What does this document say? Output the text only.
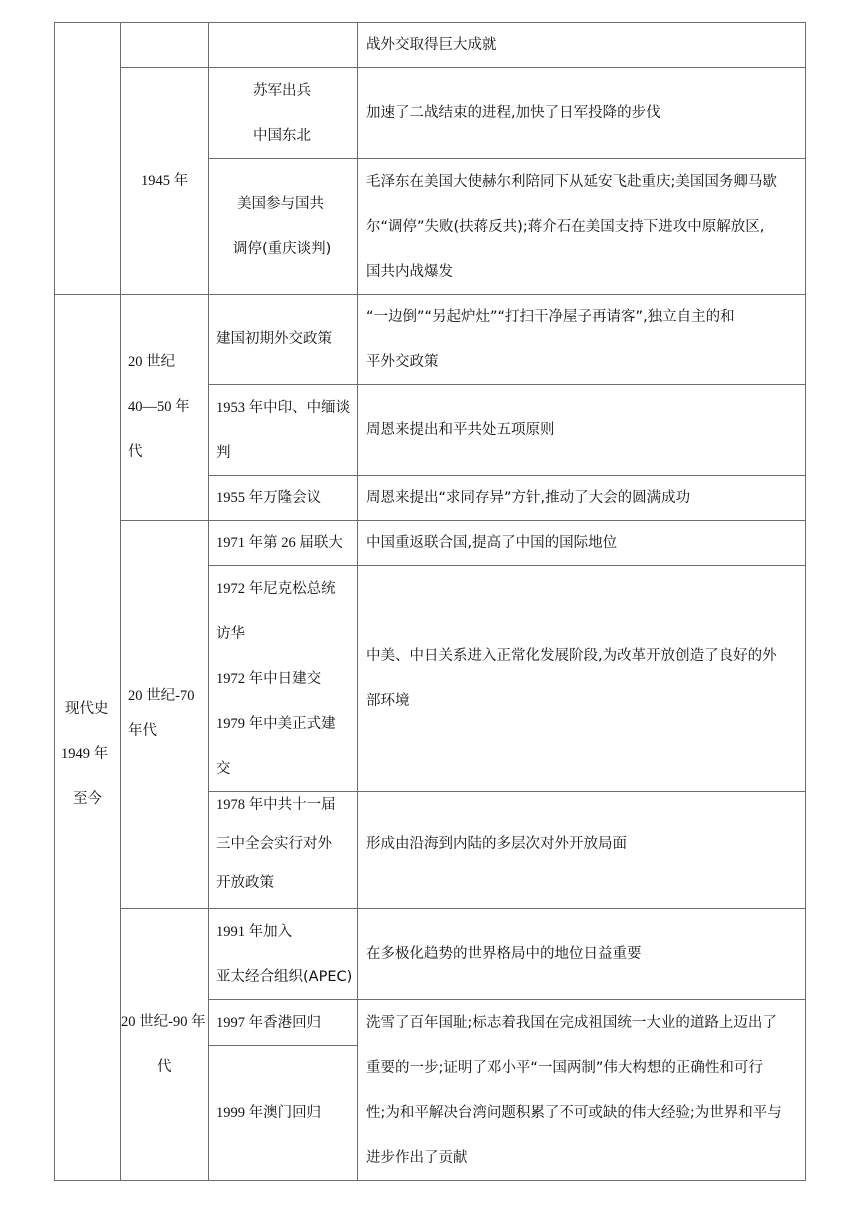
1945 年
战外交取得巨大成就
苏军出兵
中国东北
加速了二战结束的进程,加快了日军投降的步伐
美国参与国共
调停(重庆谈判)
毛泽东在美国大使赫尔利陪同下从延安飞赴重庆;美国国务卿马歇
尔“调停”失败(扶蒋反共);蒋介石在美国支持下进攻中原解放区,
国共内战爆发
现代史
1949 年
至今
20 世纪
40—50 年
代
建国初期外交政策
“一边倒”“另起炉灶”“打扫干净屋子再请客”,独立自主的和
平外交政策
1953 年中印、中缅谈
判
周恩来提出和平共处五项原则
1955 年万隆会议	周恩来提出“求同存异”方针,推动了大会的圆满成功
20 世纪-70
年代
1971 年第 26 届联大 中国重返联合国,提高了中国的国际地位
1972 年尼克松总统
访华
1972 年中日建交
1979 年中美正式建
交
中美、中日关系进入正常化发展阶段,为改革开放创造了良好的外
部环境
1978 年中共十一届
三中全会实行对外
开放政策
形成由沿海到内陆的多层次对外开放局面
20 世纪-90 年
代
1991 年加入
亚太经合组织(APEC)
在多极化趋势的世界格局中的地位日益重要
1997 年香港回归
1999 年澳门回归
洗雪了百年国耻;标志着我国在完成祖国统一大业的道路上迈出了
重要的一步;证明了邓小平“一国两制”伟大构想的正确性和可行
性;为和平解决台湾问题积累了不可或缺的伟大经验;为世界和平与
进步作出了贡献
